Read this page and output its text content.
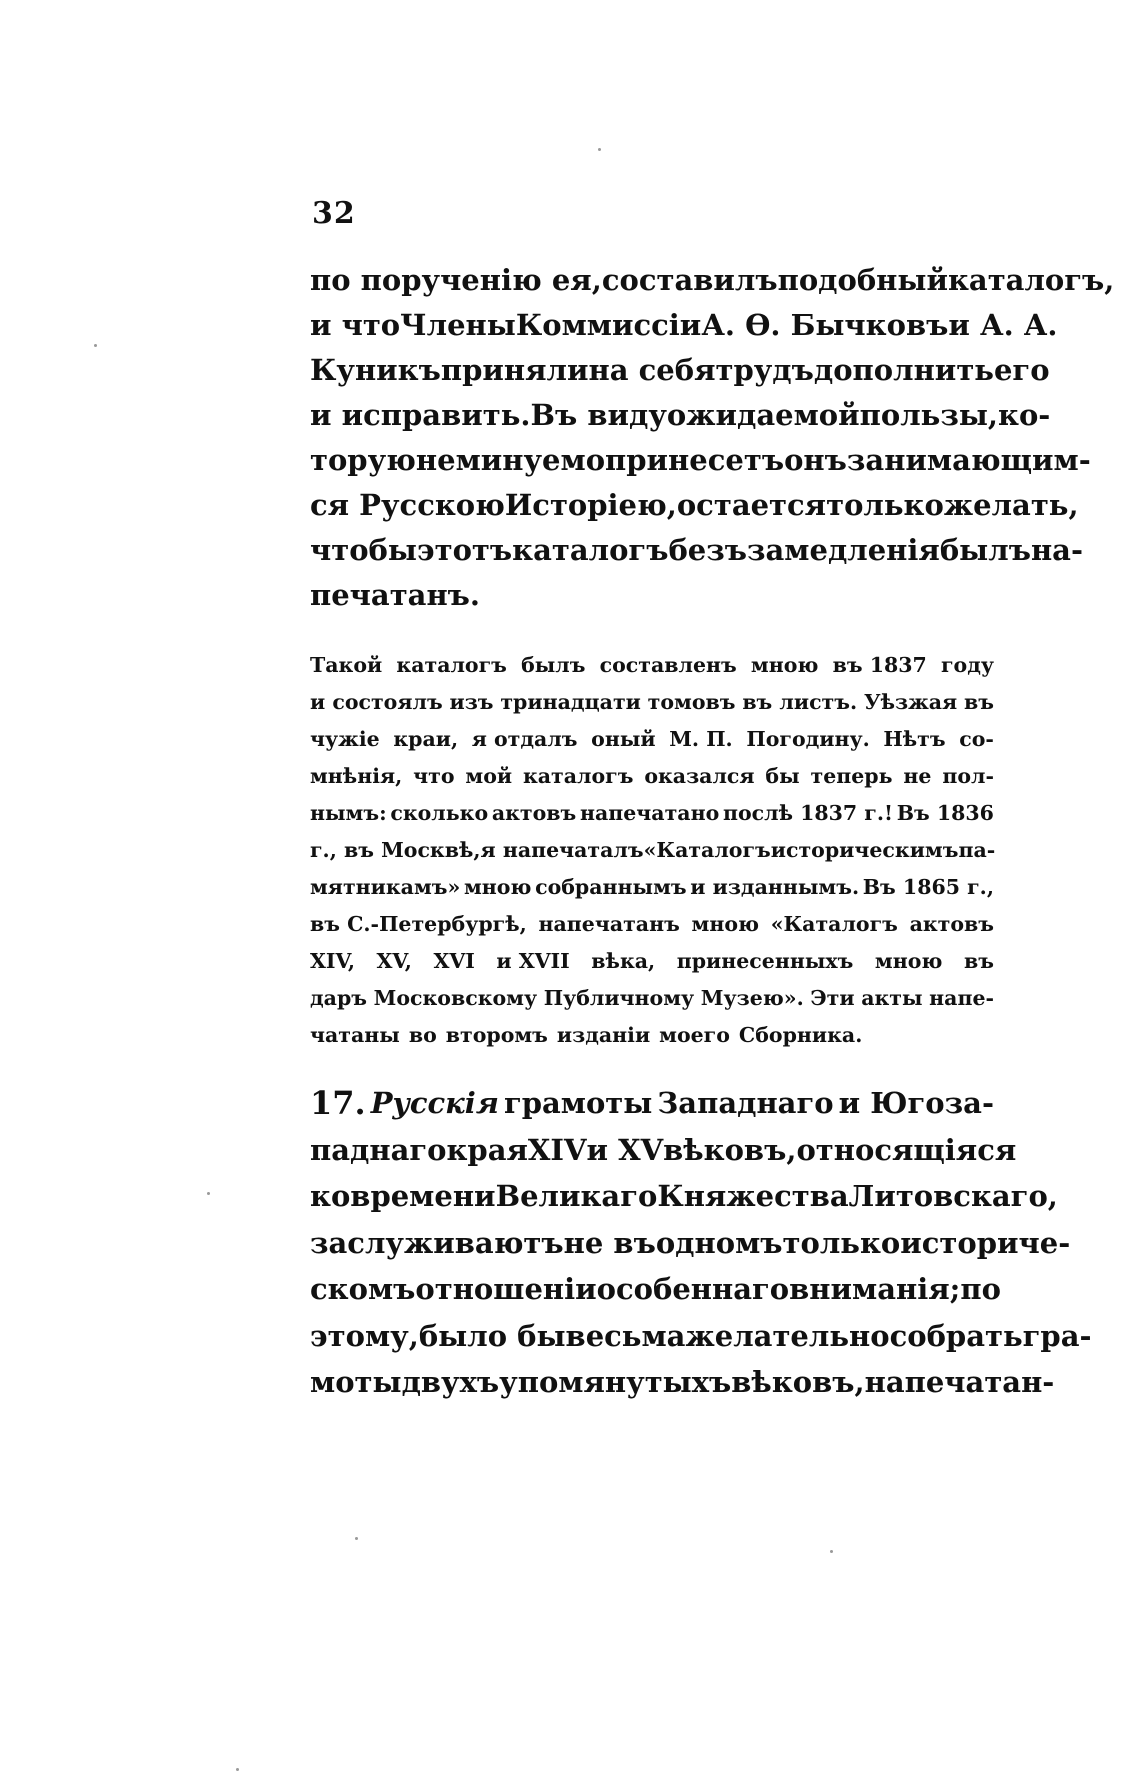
32
по порученію ея, составилъ подобный каталогъ,
и что Члены Коммиссіи А. Ѳ. Бычковъ и А. А.
Куникъ приняли на себя трудъ дополнить его
и исправить. Въ виду ожидаемой пользы, ко-
торую неминуемо принесетъ онъ занимающим-
ся Русскою Исторіею, остается только желать,
чтобы этотъ каталогъ безъ замедленія былъ на-
печатанъ.
Такой каталогъ былъ составленъ мною въ 1837 году
и состоялъ изъ тринадцати томовъ въ листъ. Уѣзжая въ
чужіе краи, я отдалъ оный М. П. Погодину. Нѣтъ со-
мнѣнія, что мой каталогъ оказался бы теперь не пол-
нымъ: сколько актовъ напечатано послѣ 1837 г.! Въ 1836
г., въ Москвѣ, я напечаталъ «Каталогъ историческимъ па-
мятникамъ» мною собраннымъ и изданнымъ. Въ 1865 г.,
въ С.-Петербургѣ, напечатанъ мною «Каталогъ актовъ
XIV, XV, XVI и XVII вѣка, принесенныхъ мною въ
даръ Московскому Публичному Музею». Эти акты напе-
чатаны во второмъ изданіи моего Сборника.
17. Русскія грамоты Западнаго и Югоза-
паднаго края XIV и XV вѣковъ, относящіяся
ко времени Великаго Княжества Литовскаго,
заслуживаютъ не въ одномъ только историче-
скомъ отношеніи особеннаго вниманія; по
этому, было бы весьма желательно собрать гра-
моты двухъ упомянутыхъ вѣковъ, напечатан-
